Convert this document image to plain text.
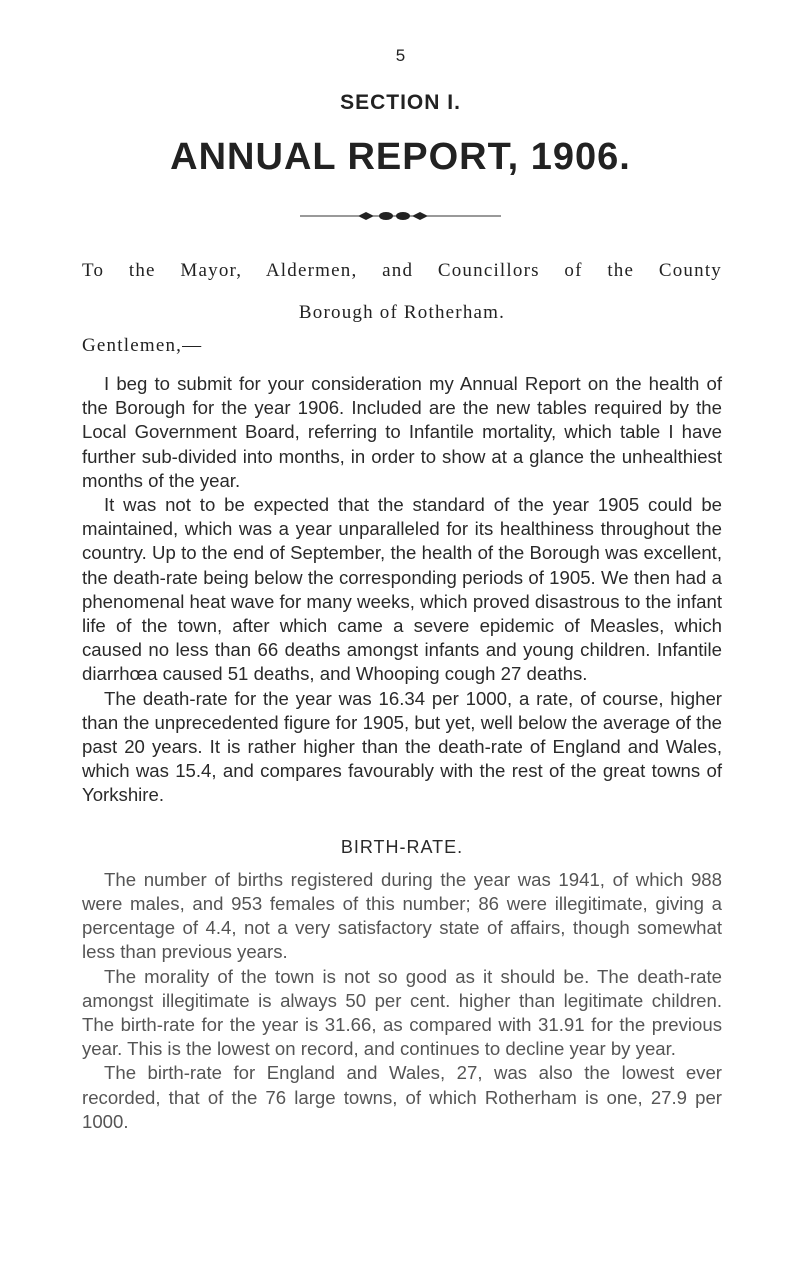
5
SECTION I.
ANNUAL REPORT, 1906.
To the Mayor, Aldermen, and Councillors of the County
Borough of Rotherham.
Gentlemen,—

I beg to submit for your consideration my Annual Report on the health of the Borough for the year 1906. Included are the new tables required by the Local Government Board, referring to Infantile mortality, which table I have further sub-divided into months, in order to show at a glance the unhealthiest months of the year.

It was not to be expected that the standard of the year 1905 could be maintained, which was a year unparalleled for its healthiness throughout the country. Up to the end of September, the health of the Borough was excellent, the death-rate being below the corresponding periods of 1905. We then had a phenomenal heat wave for many weeks, which proved disastrous to the infant life of the town, after which came a severe epidemic of Measles, which caused no less than 66 deaths amongst infants and young children. Infantile diarrhœa caused 51 deaths, and Whooping cough 27 deaths.

The death-rate for the year was 16.34 per 1000, a rate, of course, higher than the unprecedented figure for 1905, but yet, well below the average of the past 20 years. It is rather higher than the death-rate of England and Wales, which was 15.4, and compares favourably with the rest of the great towns of Yorkshire.

BIRTH-RATE.

The number of births registered during the year was 1941, of which 988 were males, and 953 females of this number; 86 were illegitimate, giving a percentage of 4.4, not a very satisfactory state of affairs, though somewhat less than previous years.

The morality of the town is not so good as it should be. The death-rate amongst illegitimate is always 50 per cent. higher than legitimate children. The birth-rate for the year is 31.66, as compared with 31.91 for the previous year. This is the lowest on record, and continues to decline year by year.

The birth-rate for England and Wales, 27, was also the lowest ever recorded, that of the 76 large towns, of which Rotherham is one, 27.9 per 1000.
